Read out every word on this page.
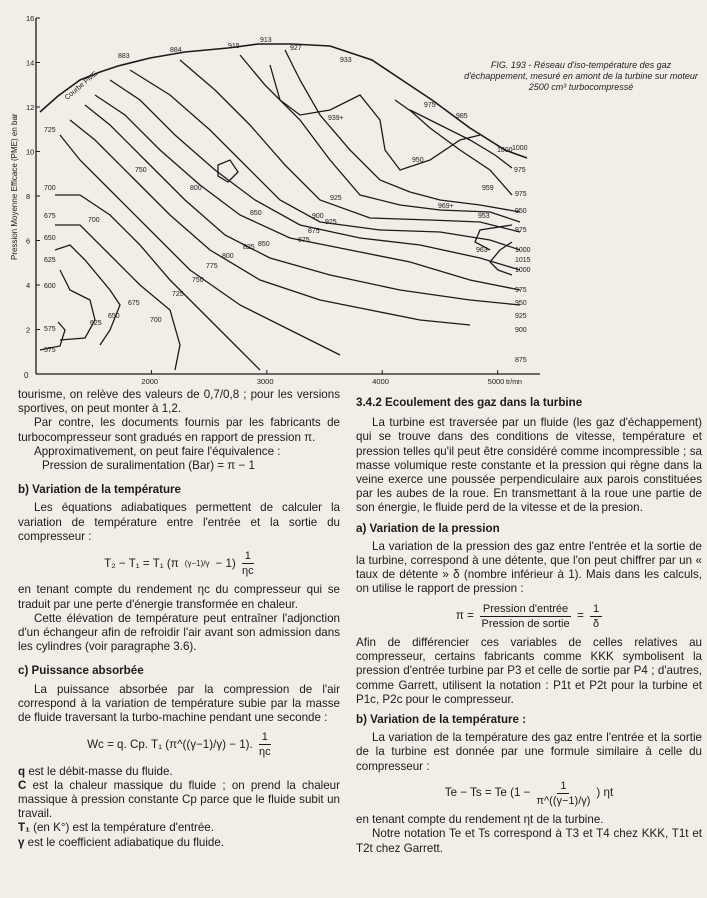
575
575
625
650
675
700
725
750
775
800
825 850
875
900
925
950
975
975
1000
1015
1000
975
950
925
900
875
975
985
1000 1000
975
950
933
927
913
915
884
883
700
725
600
625
650
675
700
750
800
850
875
925
939+
959
969+
953
963
0
Pression Moyenne Efficace (PME) en bar
tr/mn
Courbe PME
2
4
6
8
10
12
14
16
2000	3000	4000	5000
FIG. 193 - Réseau d'iso-température des gaz d'échappement, mesuré en amont de la turbine sur moteur 2500 cm³ turbocompressé

tourisme, on relève des valeurs de 0,7/0,8 ; pour les versions sportives, on peut monter à 1,2.

Par contre, les documents fournis par les fabricants de turbocompresseur sont gradués en rapport de pression π.

Approximativement, on peut faire l'équivalence :

Pression de suralimentation (Bar) = π − 1

b) Variation de la température

Les équations adiabatiques permettent de calculer la variation de température entre l'entrée et la sortie du compresseur :

T₂ − T₁ = T₁ (π $(\gamma-1)/\gamma - 1) \frac{1}{\eta c}$

en tenant compte du rendement ηc du compresseur qui se traduit par une perte d'énergie transformée en chaleur.

Cette élévation de température peut entraîner l'adjonction d'un échangeur afin de refroidir l'air avant son admission dans les cylindres (voir paragraphe 3.6).

c) Puissance absorbée

La puissance absorbée par la compression de l'air correspond à la variation de température subie par la masse de fluide traversant la turbo-machine pendant une seconde :

Wc = q. Cp. T₁ (π^((γ−1)/γ) − 1). $\frac{1}{\eta c}$

q est le débit-masse du fluide.

C est la chaleur massique du fluide ; on prend la chaleur massique à pression constante Cp parce que le fluide subit un travail.

T₁ (en K°) est la température d'entrée.

γ est le coefficient adiabatique du fluide.

3.4.2 Ecoulement des gaz dans la turbine

La turbine est traversée par un fluide (les gaz d'échappement) qui se trouve dans des conditions de vitesse, température et pression telles qu'il peut être considéré comme incompressible ; sa masse volumique reste constante et la pression qui règne dans la veine exerce une poussée perpendiculaire aux parois constituées par les aubes de la roue. En transmettant à la roue une partie de son énergie, le fluide perd de la vitesse et de la presion.

a) Variation de la pression

La variation de la pression des gaz entre l'entrée et la sortie de la turbine, correspond à une détente, que l'on peut chiffrer par un « taux de détente » δ (nombre inférieur à 1). Mais dans les calculs, on utilise le rapport de pression :

$\pi = \frac{\text{Pression d'entrée}}{\text{Pression de sortie}} = \frac{1}{\delta}$

Afin de différencier ces variables de celles relatives au compresseur, certains fabricants comme KKK symbolisent la pression d'entrée turbine par P3 et celle de sortie par P4 ; d'autres, comme Garrett, utilisent la notation : P1t et P2t pour la turbine et P1c, P2c pour le compresseur.

b) Variation de la température :

La variation de la température des gaz entre l'entrée et la sortie de la turbine est donnée par une formule similaire à celle du compresseur :

Te − Ts = Te ($1 - \frac{1}{\pi\^{}((\gamma-1)/\gamma)}$ ) ηt

en tenant compte du rendement ηt de la turbine.

Notre notation Te et Ts correspond à T3 et T4 chez KKK, T1t et T2t chez Garrett.
